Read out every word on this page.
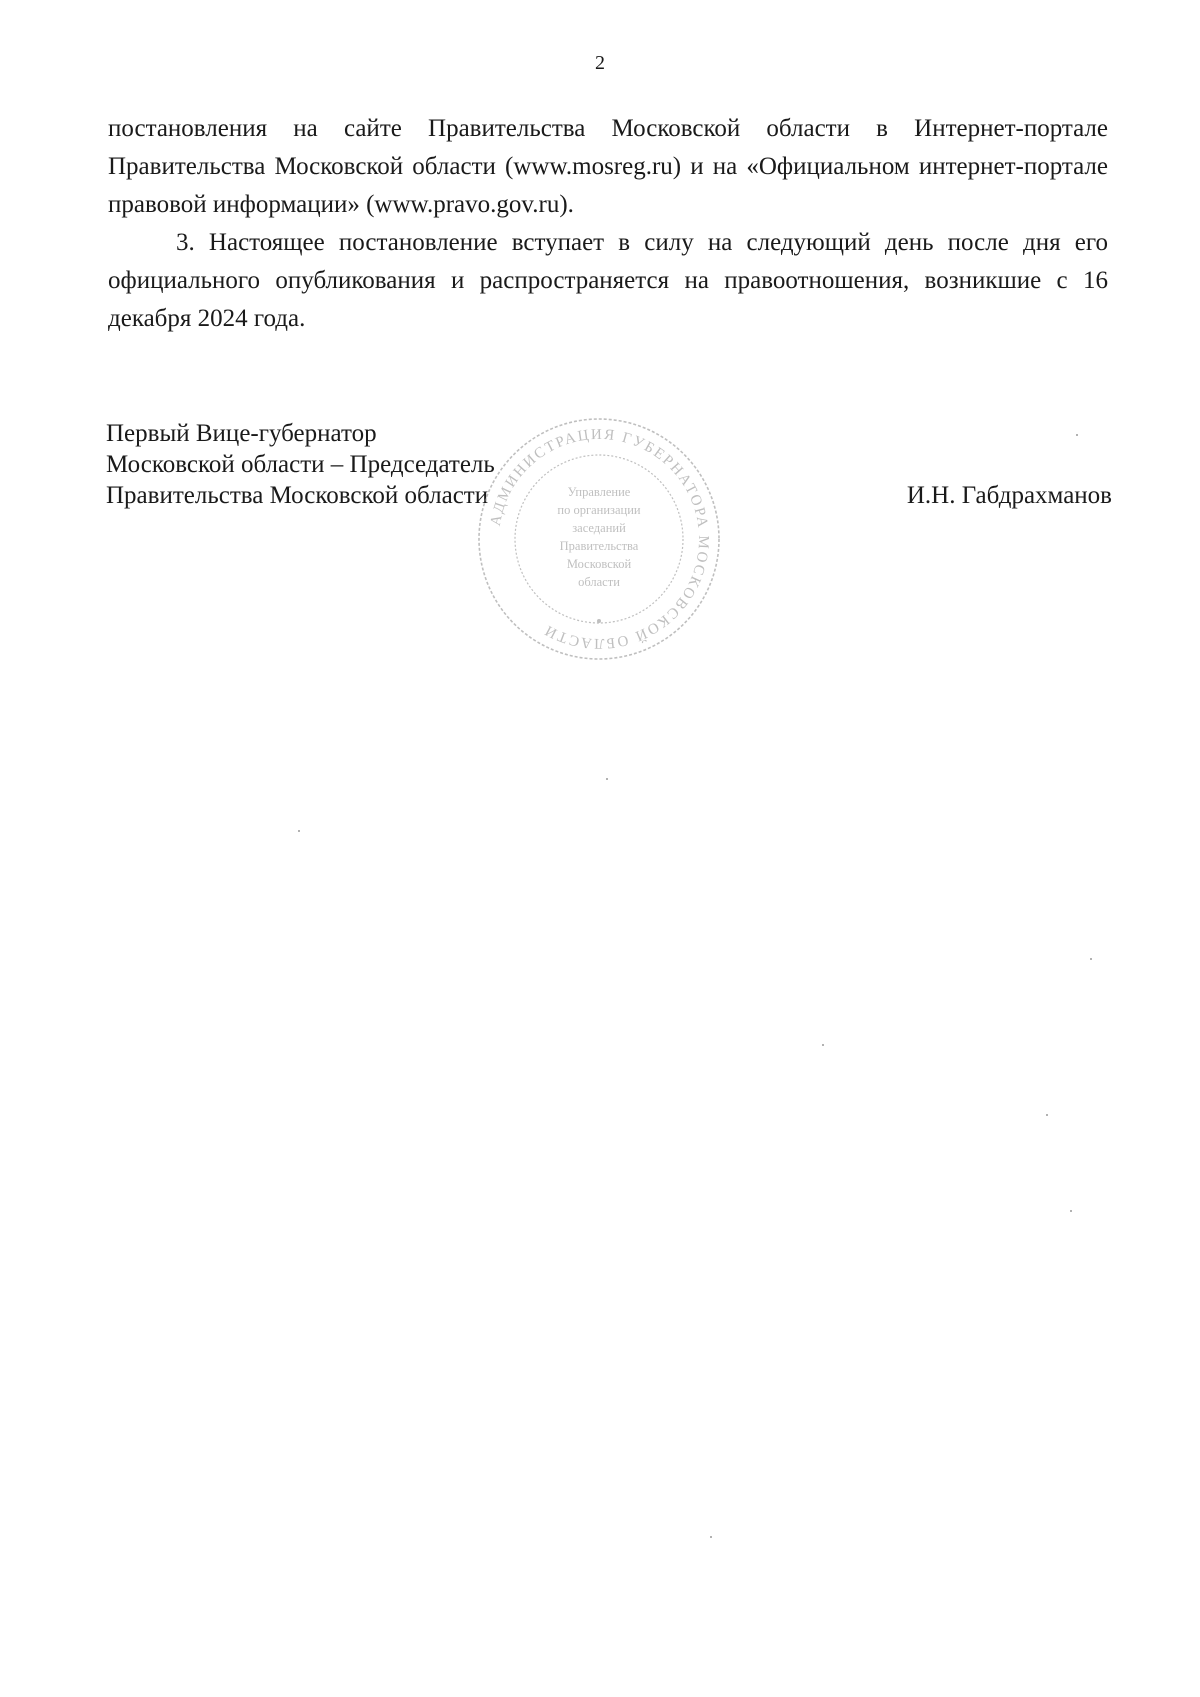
2

постановления на сайте Правительства Московской области в Интернет-портале Правительства Московской области (www.mosreg.ru) и на «Официальном интернет-портале правовой информации» (www.pravo.gov.ru).

3. Настоящее постановление вступает в силу на следующий день после дня его официального опубликования и распространяется на правоотношения, возникшие с 16 декабря 2024 года.

Первый Вице-губернатор
Московской области – Председатель
Правительства Московской области	И.Н. Габдрахманов
АДМИНИСТРАЦИЯ ГУБЕРНАТОРА МОСКОВСКОЙ ОБЛАСТИ
Управление
по организации
заседаний
Правительства
Московской
области
